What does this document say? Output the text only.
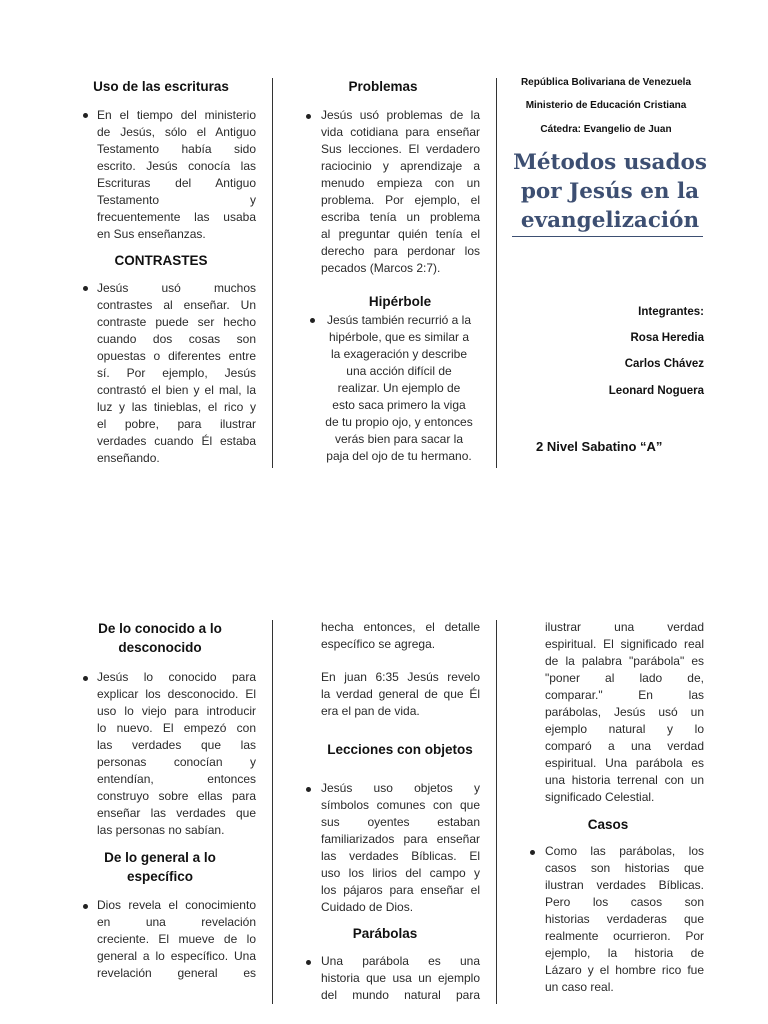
Uso de las escrituras
En el tiempo del ministerio
de Jesús, sólo el Antiguo
Testamento había sido
escrito. Jesús conocía las
Escrituras del Antiguo
Testamento y
frecuentemente las usaba
en Sus enseñanzas.
CONTRASTES
Jesús usó muchos
contrastes al enseñar. Un
contraste puede ser hecho
cuando dos cosas son
opuestas o diferentes entre
sí. Por ejemplo, Jesús
contrastó el bien y el mal, la
luz y las tinieblas, el rico y
el pobre, para ilustrar
verdades cuando Él estaba
enseñando.
Problemas
Jesús usó problemas de la
vida cotidiana para enseñar
Sus lecciones. El verdadero
raciocinio y aprendizaje a
menudo empieza con un
problema. Por ejemplo, el
escriba tenía un problema
al preguntar quién tenía el
derecho para perdonar los
pecados (Marcos 2:7).
Hipérbole
Jesús también recurrió a la
hipérbole, que es similar a
la exageración y describe
una acción difícil de
realizar. Un ejemplo de
esto saca primero la viga
de tu propio ojo, y entonces
verás bien para sacar la
paja del ojo de tu hermano.
República Bolivariana de Venezuela
Ministerio de Educación Cristiana
Cátedra: Evangelio de Juan
Métodos usados
por Jesús en la
evangelización
Integrantes:
Rosa Heredia
Carlos Chávez
Leonard Noguera
2 Nivel Sabatino “A”
De lo conocido a lo
desconocido
Jesús lo conocido para
explicar los desconocido. El
uso lo viejo para introducir
lo nuevo. El empezó con
las verdades que las
personas conocían y
entendían, entonces
construyo sobre ellas para
enseñar las verdades que
las personas no sabían.
De lo general a lo
específico
Dios revela el conocimiento
en una revelación
creciente. El mueve de lo
general a lo específico. Una
revelación general es
hecha entonces, el detalle
específico se agrega.
En juan 6:35 Jesús revelo
la verdad general de que Él
era el pan de vida.
Lecciones con objetos
Jesús uso objetos y
símbolos comunes con que
sus oyentes estaban
familiarizados para enseñar
las verdades Bíblicas. El
uso los lirios del campo y
los pájaros para enseñar el
Cuidado de Dios.
Parábolas
Una parábola es una
historia que usa un ejemplo
del mundo natural para
ilustrar una verdad
espiritual. El significado real
de la palabra "parábola" es
"poner al lado de,
comparar." En las
parábolas, Jesús usó un
ejemplo natural y lo
comparó a una verdad
espiritual. Una parábola es
una historia terrenal con un
significado Celestial.
Casos
Como las parábolas, los
casos son historias que
ilustran verdades Bíblicas.
Pero los casos son
historias verdaderas que
realmente ocurrieron. Por
ejemplo, la historia de
Lázaro y el hombre rico fue
un caso real.
